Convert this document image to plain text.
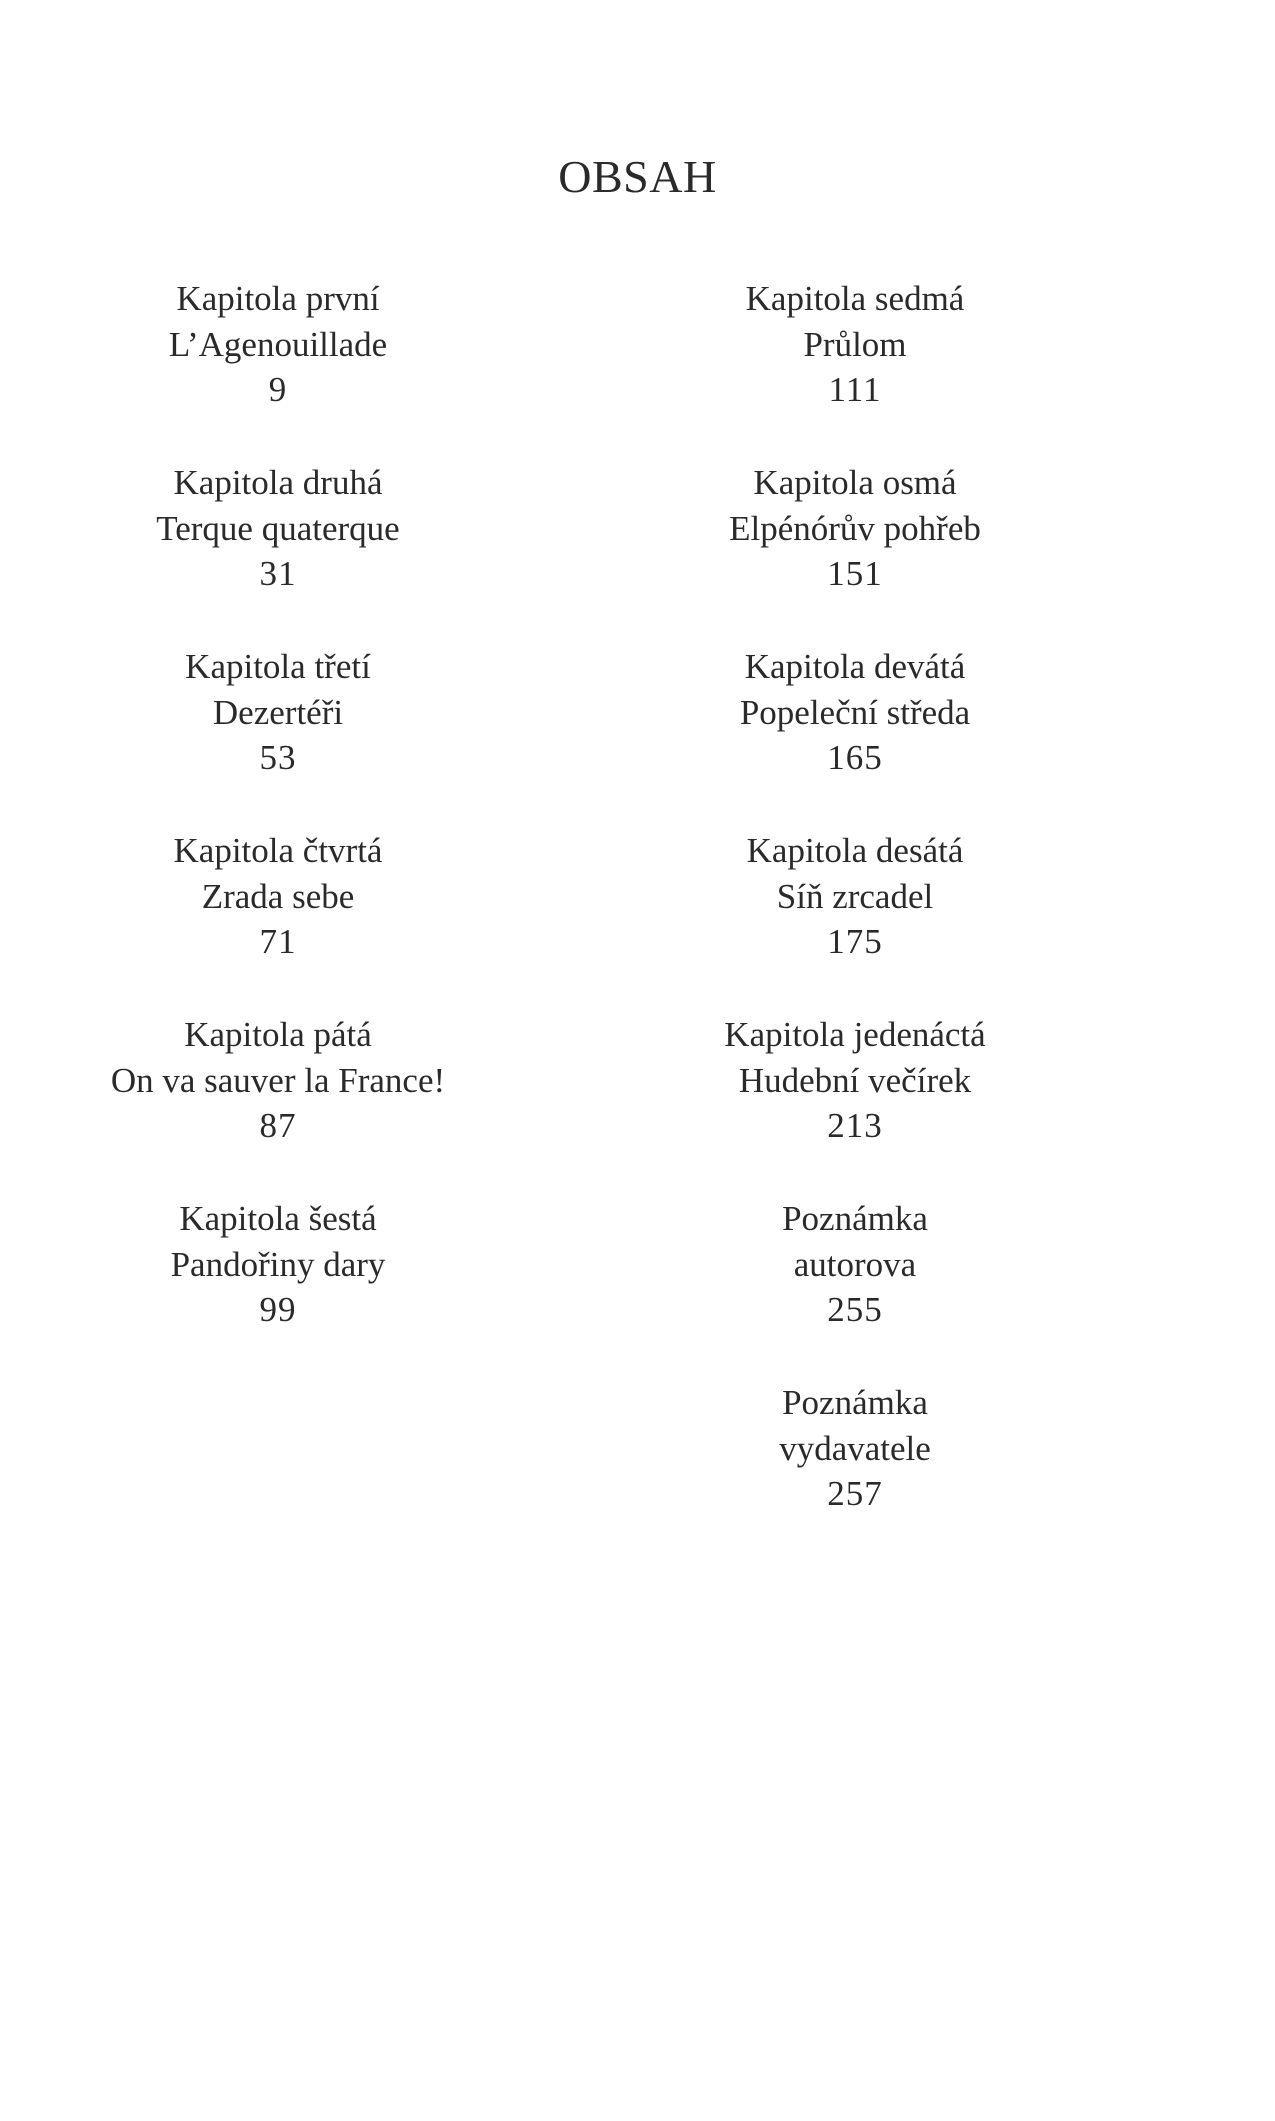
OBSAH
Kapitola první
L’Agenouillade
9
Kapitola druhá
Terque quaterque
31
Kapitola třetí
Dezertéři
53
Kapitola čtvrtá
Zrada sebe
71
Kapitola pátá
On va sauver la France!
87
Kapitola šestá
Pandořiny dary
99
Kapitola sedmá
Průlom
111
Kapitola osmá
Elpénórův pohřeb
151
Kapitola devátá
Popeleční středa
165
Kapitola desátá
Síň zrcadel
175
Kapitola jedenáctá
Hudební večírek
213
Poznámka
autorova
255
Poznámka
vydavatele
257
